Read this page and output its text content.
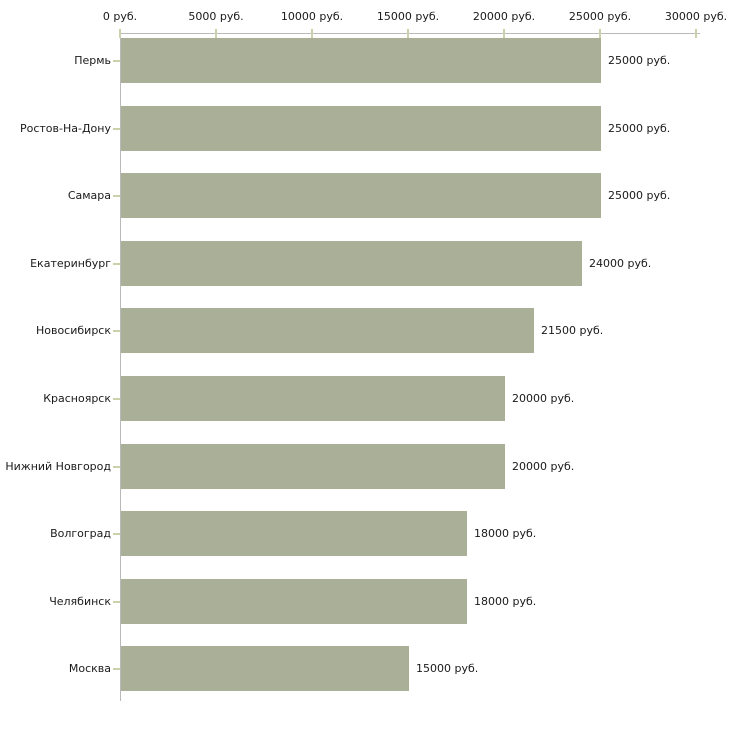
0 руб.	5000 руб.	10000 руб.	15000 руб.	20000 руб.	25000 руб.	30000 руб.
Пермь	25000 руб.
Ростов-На-Дону	25000 руб.
Самара	25000 руб.
Екатеринбург	24000 руб.
Новосибирск	21500 руб.
Красноярск	20000 руб.
Нижний Новгород	20000 руб.
Волгоград	18000 руб.
Челябинск	18000 руб.
Москва	15000 руб.
